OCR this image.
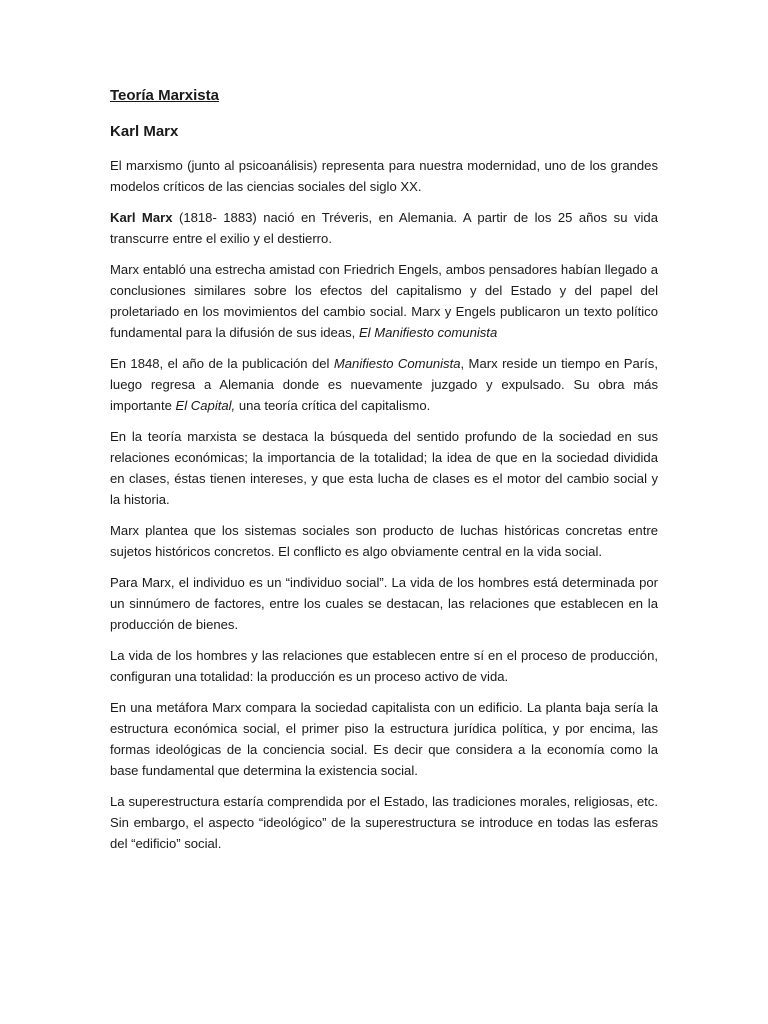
Teoría Marxista
Karl Marx

El marxismo (junto al psicoanálisis) representa para nuestra modernidad, uno de los grandes modelos críticos de las ciencias sociales del siglo XX.

Karl Marx (1818- 1883) nació en Tréveris, en Alemania. A partir de los 25 años su vida transcurre entre el exilio y el destierro.

Marx entabló una estrecha amistad con Friedrich Engels, ambos pensadores habían llegado a conclusiones similares sobre los efectos del capitalismo y del Estado y del papel del proletariado en los movimientos del cambio social. Marx y Engels publicaron un texto político fundamental para la difusión de sus ideas, El Manifiesto comunista

En 1848, el año de la publicación del Manifiesto Comunista, Marx reside un tiempo en París, luego regresa a Alemania donde es nuevamente juzgado y expulsado. Su obra más importante El Capital, una teoría crítica del capitalismo.

En la teoría marxista se destaca la búsqueda del sentido profundo de la sociedad en sus relaciones económicas; la importancia de la totalidad; la idea de que en la sociedad dividida en clases, éstas tienen intereses, y que esta lucha de clases es el motor del cambio social y la historia.

Marx plantea que los sistemas sociales son producto de luchas históricas concretas entre sujetos históricos concretos. El conflicto es algo obviamente central en la vida social.

Para Marx, el individuo es un “individuo social”. La vida de los hombres está determinada por un sinnúmero de factores, entre los cuales se destacan, las relaciones que establecen en la producción de bienes.

La vida de los hombres y las relaciones que establecen entre sí en el proceso de producción, configuran una totalidad: la producción es un proceso activo de vida.

En una metáfora Marx compara la sociedad capitalista con un edificio. La planta baja sería la estructura económica social, el primer piso la estructura jurídica política, y por encima, las formas ideológicas de la conciencia social. Es decir que considera a la economía como la base fundamental que determina la existencia social.

La superestructura estaría comprendida por el Estado, las tradiciones morales, religiosas, etc. Sin embargo, el aspecto “ideológico” de la superestructura se introduce en todas las esferas del “edificio” social.
